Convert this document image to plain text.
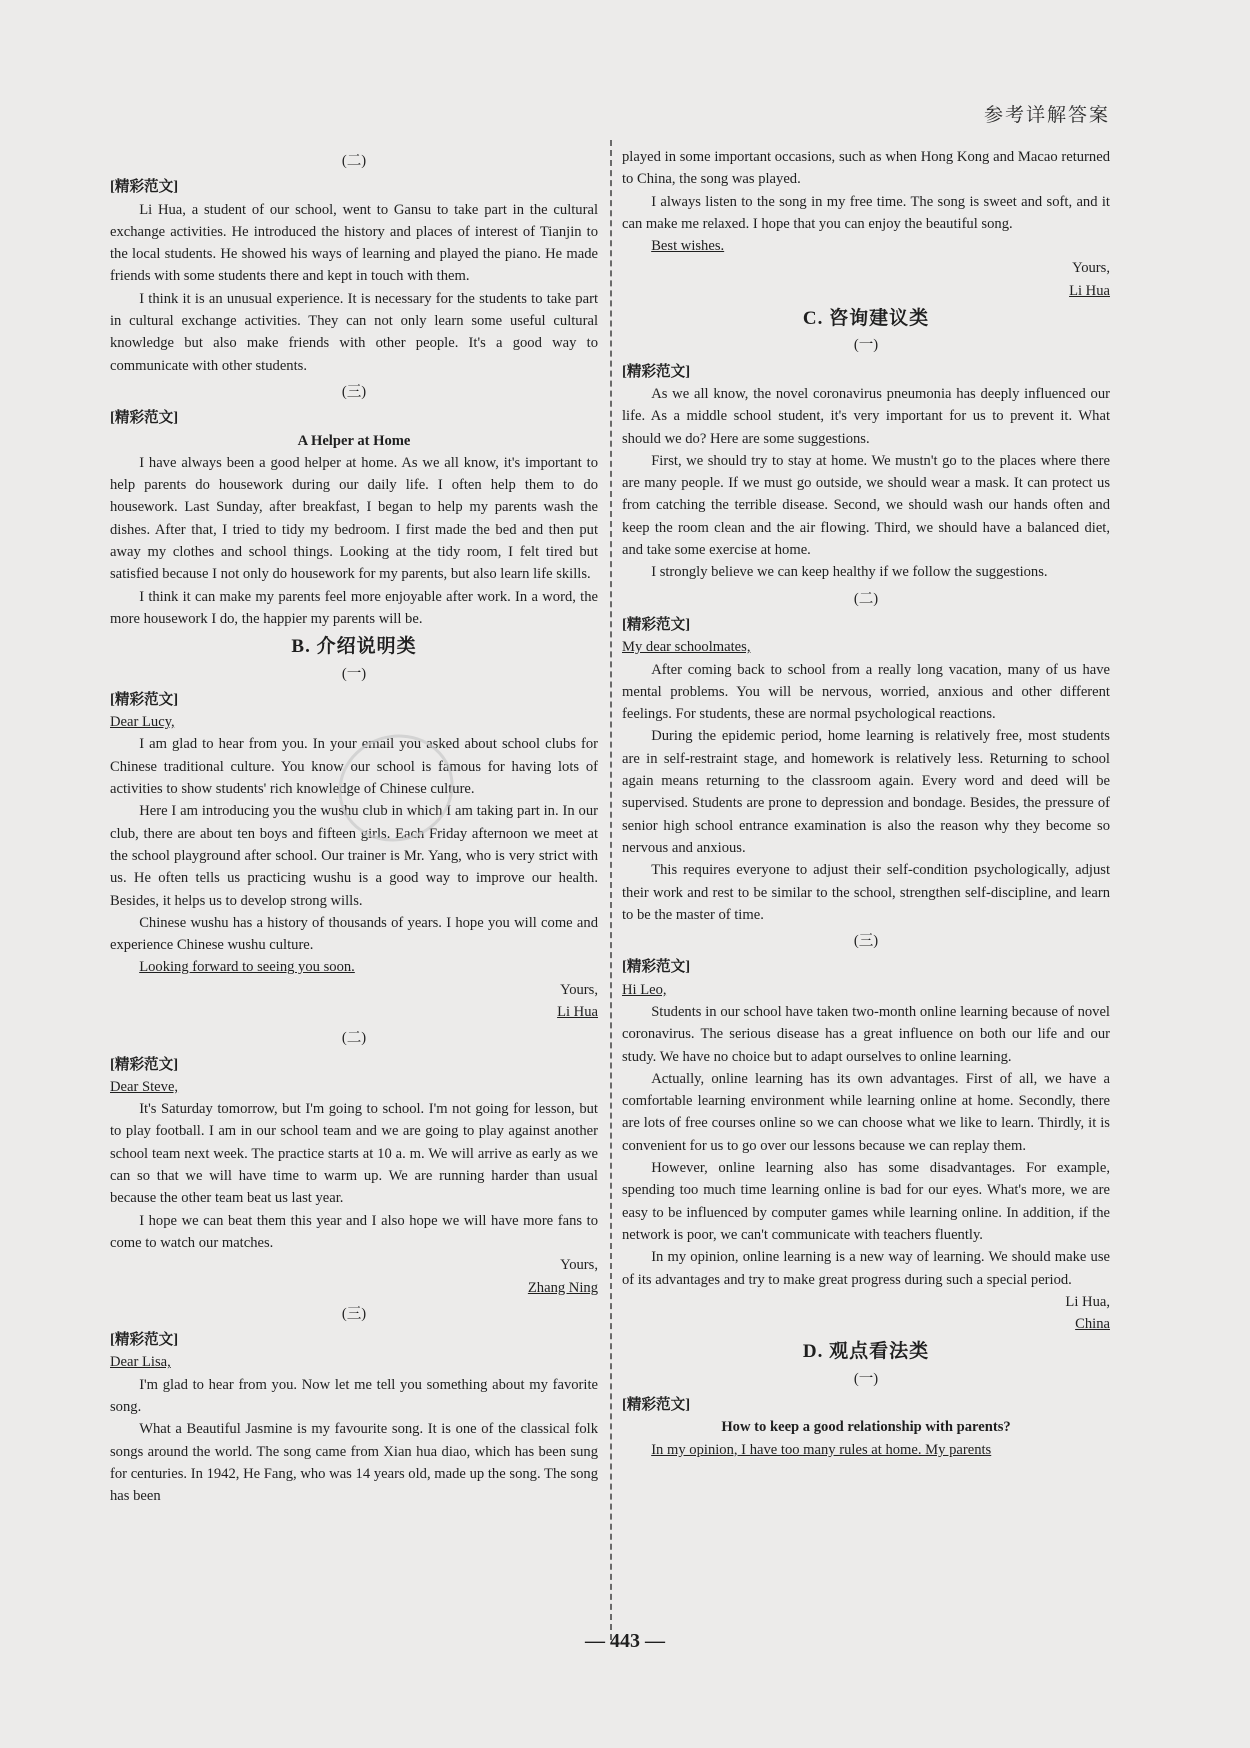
参考详解答案
(二)

[精彩范文]

Li Hua, a student of our school, went to Gansu to take part in the cultural exchange activities. He introduced the history and places of interest of Tianjin to the local students. He showed his ways of learning and played the piano. He made friends with some students there and kept in touch with them.

I think it is an unusual experience. It is necessary for the students to take part in cultural exchange activities. They can not only learn some useful cultural knowledge but also make friends with other people. It's a good way to communicate with other students.

(三)

[精彩范文]

A Helper at Home

I have always been a good helper at home. As we all know, it's important to help parents do housework during our daily life. I often help them to do housework. Last Sunday, after breakfast, I began to help my parents wash the dishes. After that, I tried to tidy my bedroom. I first made the bed and then put away my clothes and school things. Looking at the tidy room, I felt tired but satisfied because I not only do housework for my parents, but also learn life skills.

I think it can make my parents feel more enjoyable after work. In a word, the more housework I do, the happier my parents will be.

B. 介绍说明类
(一)

[精彩范文]

Dear Lucy,

I am glad to hear from you. In your email you asked about school clubs for Chinese traditional culture. You know our school is famous for having lots of activities to show students' rich knowledge of Chinese culture.

Here I am introducing you the wushu club in which I am taking part in. In our club, there are about ten boys and fifteen girls. Each Friday afternoon we meet at the school playground after school. Our trainer is Mr. Yang, who is very strict with us. He often tells us practicing wushu is a good way to improve our health. Besides, it helps us to develop strong wills.

Chinese wushu has a history of thousands of years. I hope you will come and experience Chinese wushu culture.

Looking forward to seeing you soon.

Yours,

Li Hua

(二)

[精彩范文]

Dear Steve,

It's Saturday tomorrow, but I'm going to school. I'm not going for lesson, but to play football. I am in our school team and we are going to play against another school team next week. The practice starts at 10 a. m. We will arrive as early as we can so that we will have time to warm up. We are running harder than usual because the other team beat us last year.

I hope we can beat them this year and I also hope we will have more fans to come to watch our matches.

Yours,

Zhang Ning

(三)

[精彩范文]

Dear Lisa,

I'm glad to hear from you. Now let me tell you something about my favorite song.

What a Beautiful Jasmine is my favourite song. It is one of the classical folk songs around the world. The song came from Xian hua diao, which has been sung for centuries. In 1942, He Fang, who was 14 years old, made up the song. The song has been

played in some important occasions, such as when Hong Kong and Macao returned to China, the song was played.

I always listen to the song in my free time. The song is sweet and soft, and it can make me relaxed. I hope that you can enjoy the beautiful song.

Best wishes.

Yours,

Li Hua

C. 咨询建议类
(一)

[精彩范文]

As we all know, the novel coronavirus pneumonia has deeply influenced our life. As a middle school student, it's very important for us to prevent it. What should we do? Here are some suggestions.

First, we should try to stay at home. We mustn't go to the places where there are many people. If we must go outside, we should wear a mask. It can protect us from catching the terrible disease. Second, we should wash our hands often and keep the room clean and the air flowing. Third, we should have a balanced diet, and take some exercise at home.

I strongly believe we can keep healthy if we follow the suggestions.

(二)

[精彩范文]

My dear schoolmates,

After coming back to school from a really long vacation, many of us have mental problems. You will be nervous, worried, anxious and other different feelings. For students, these are normal psychological reactions.

During the epidemic period, home learning is relatively free, most students are in self-restraint stage, and homework is relatively less. Returning to school again means returning to the classroom again. Every word and deed will be supervised. Students are prone to depression and bondage. Besides, the pressure of senior high school entrance examination is also the reason why they become so nervous and anxious.

This requires everyone to adjust their self-condition psychologically, adjust their work and rest to be similar to the school, strengthen self-discipline, and learn to be the master of time.

(三)

[精彩范文]

Hi Leo,

Students in our school have taken two-month online learning because of novel coronavirus. The serious disease has a great influence on both our life and our study. We have no choice but to adapt ourselves to online learning.

Actually, online learning has its own advantages. First of all, we have a comfortable learning environment while learning online at home. Secondly, there are lots of free courses online so we can choose what we like to learn. Thirdly, it is convenient for us to go over our lessons because we can replay them.

However, online learning also has some disadvantages. For example, spending too much time learning online is bad for our eyes. What's more, we are easy to be influenced by computer games while learning online. In addition, if the network is poor, we can't communicate with teachers fluently.

In my opinion, online learning is a new way of learning. We should make use of its advantages and try to make great progress during such a special period.

Li Hua,

China

D. 观点看法类
(一)

[精彩范文]

How to keep a good relationship with parents?

In my opinion, I have too many rules at home. My parents

— 443 —
